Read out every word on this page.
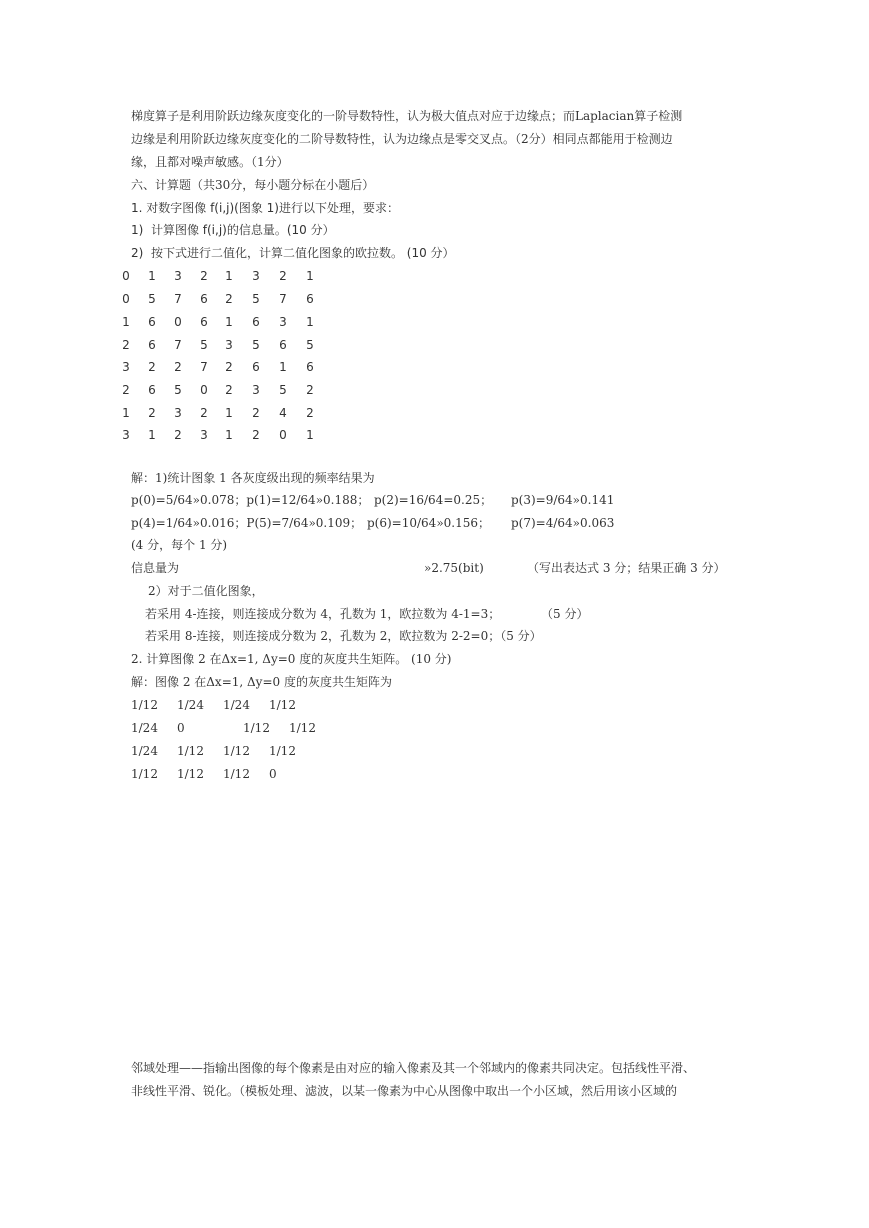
梯度算子是利用阶跃边缘灰度变化的一阶导数特性，认为极大值点对应于边缘点；而Laplacian算子检测
边缘是利用阶跃边缘灰度变化的二阶导数特性，认为边缘点是零交叉点。（2分）相同点都能用于检测边
缘，且都对噪声敏感。（1分）
六、计算题（共30分，每小题分标在小题后）
1. 对数字图像 f(i,j)(图象 1)进行以下处理，要求：
1)  计算图像 f(i,j)的信息量。(10 分）
2)  按下式进行二值化，计算二值化图象的欧拉数。 (10 分）
0 1 3 2 1 3 2 1
0 5 7 6 2 5 7 6
1 6 0 6 1 6 3 1
2 6 7 5 3 5 6 5
3 2 2 7 2 6 1 6
2 6 5 0 2 3 5 2
1 2 3 2 1 2 4 2
3 1 2 3 1 2 0 1
解：1)统计图象 1 各灰度级出现的频率结果为
p(0)=5/64»0.078；p(1)=12/64»0.188； p(2)=16/64=0.25； p(3)=9/64»0.141
p(4)=1/64»0.016；P(5)=7/64»0.109； p(6)=10/64»0.156； p(7)=4/64»0.063
(4 分，每个 1 分)
信息量为	»2.75(bit)	（写出表达式 3 分；结果正确 3 分）
2）对于二值化图象，
若采用 4-连接，则连接成分数为 4，孔数为 1，欧拉数为 4-1=3；	（5 分）
若采用 8-连接，则连接成分数为 2，孔数为 2，欧拉数为 2-2=0；（5 分）
2. 计算图像 2 在Δx=1, Δy=0 度的灰度共生矩阵。 (10 分)
解：图像 2 在Δx=1, Δy=0 度的灰度共生矩阵为
1/12 1/24 1/24 1/12
1/24 0	1/12 1/12
1/24 1/12 1/12 1/12
1/12 1/12 1/12 0
邻域处理——指输出图像的每个像素是由对应的输入像素及其一个邻域内的像素共同决定。包括线性平滑、
非线性平滑、锐化。（模板处理、滤波，以某一像素为中心从图像中取出一个小区域，然后用该小区域的
